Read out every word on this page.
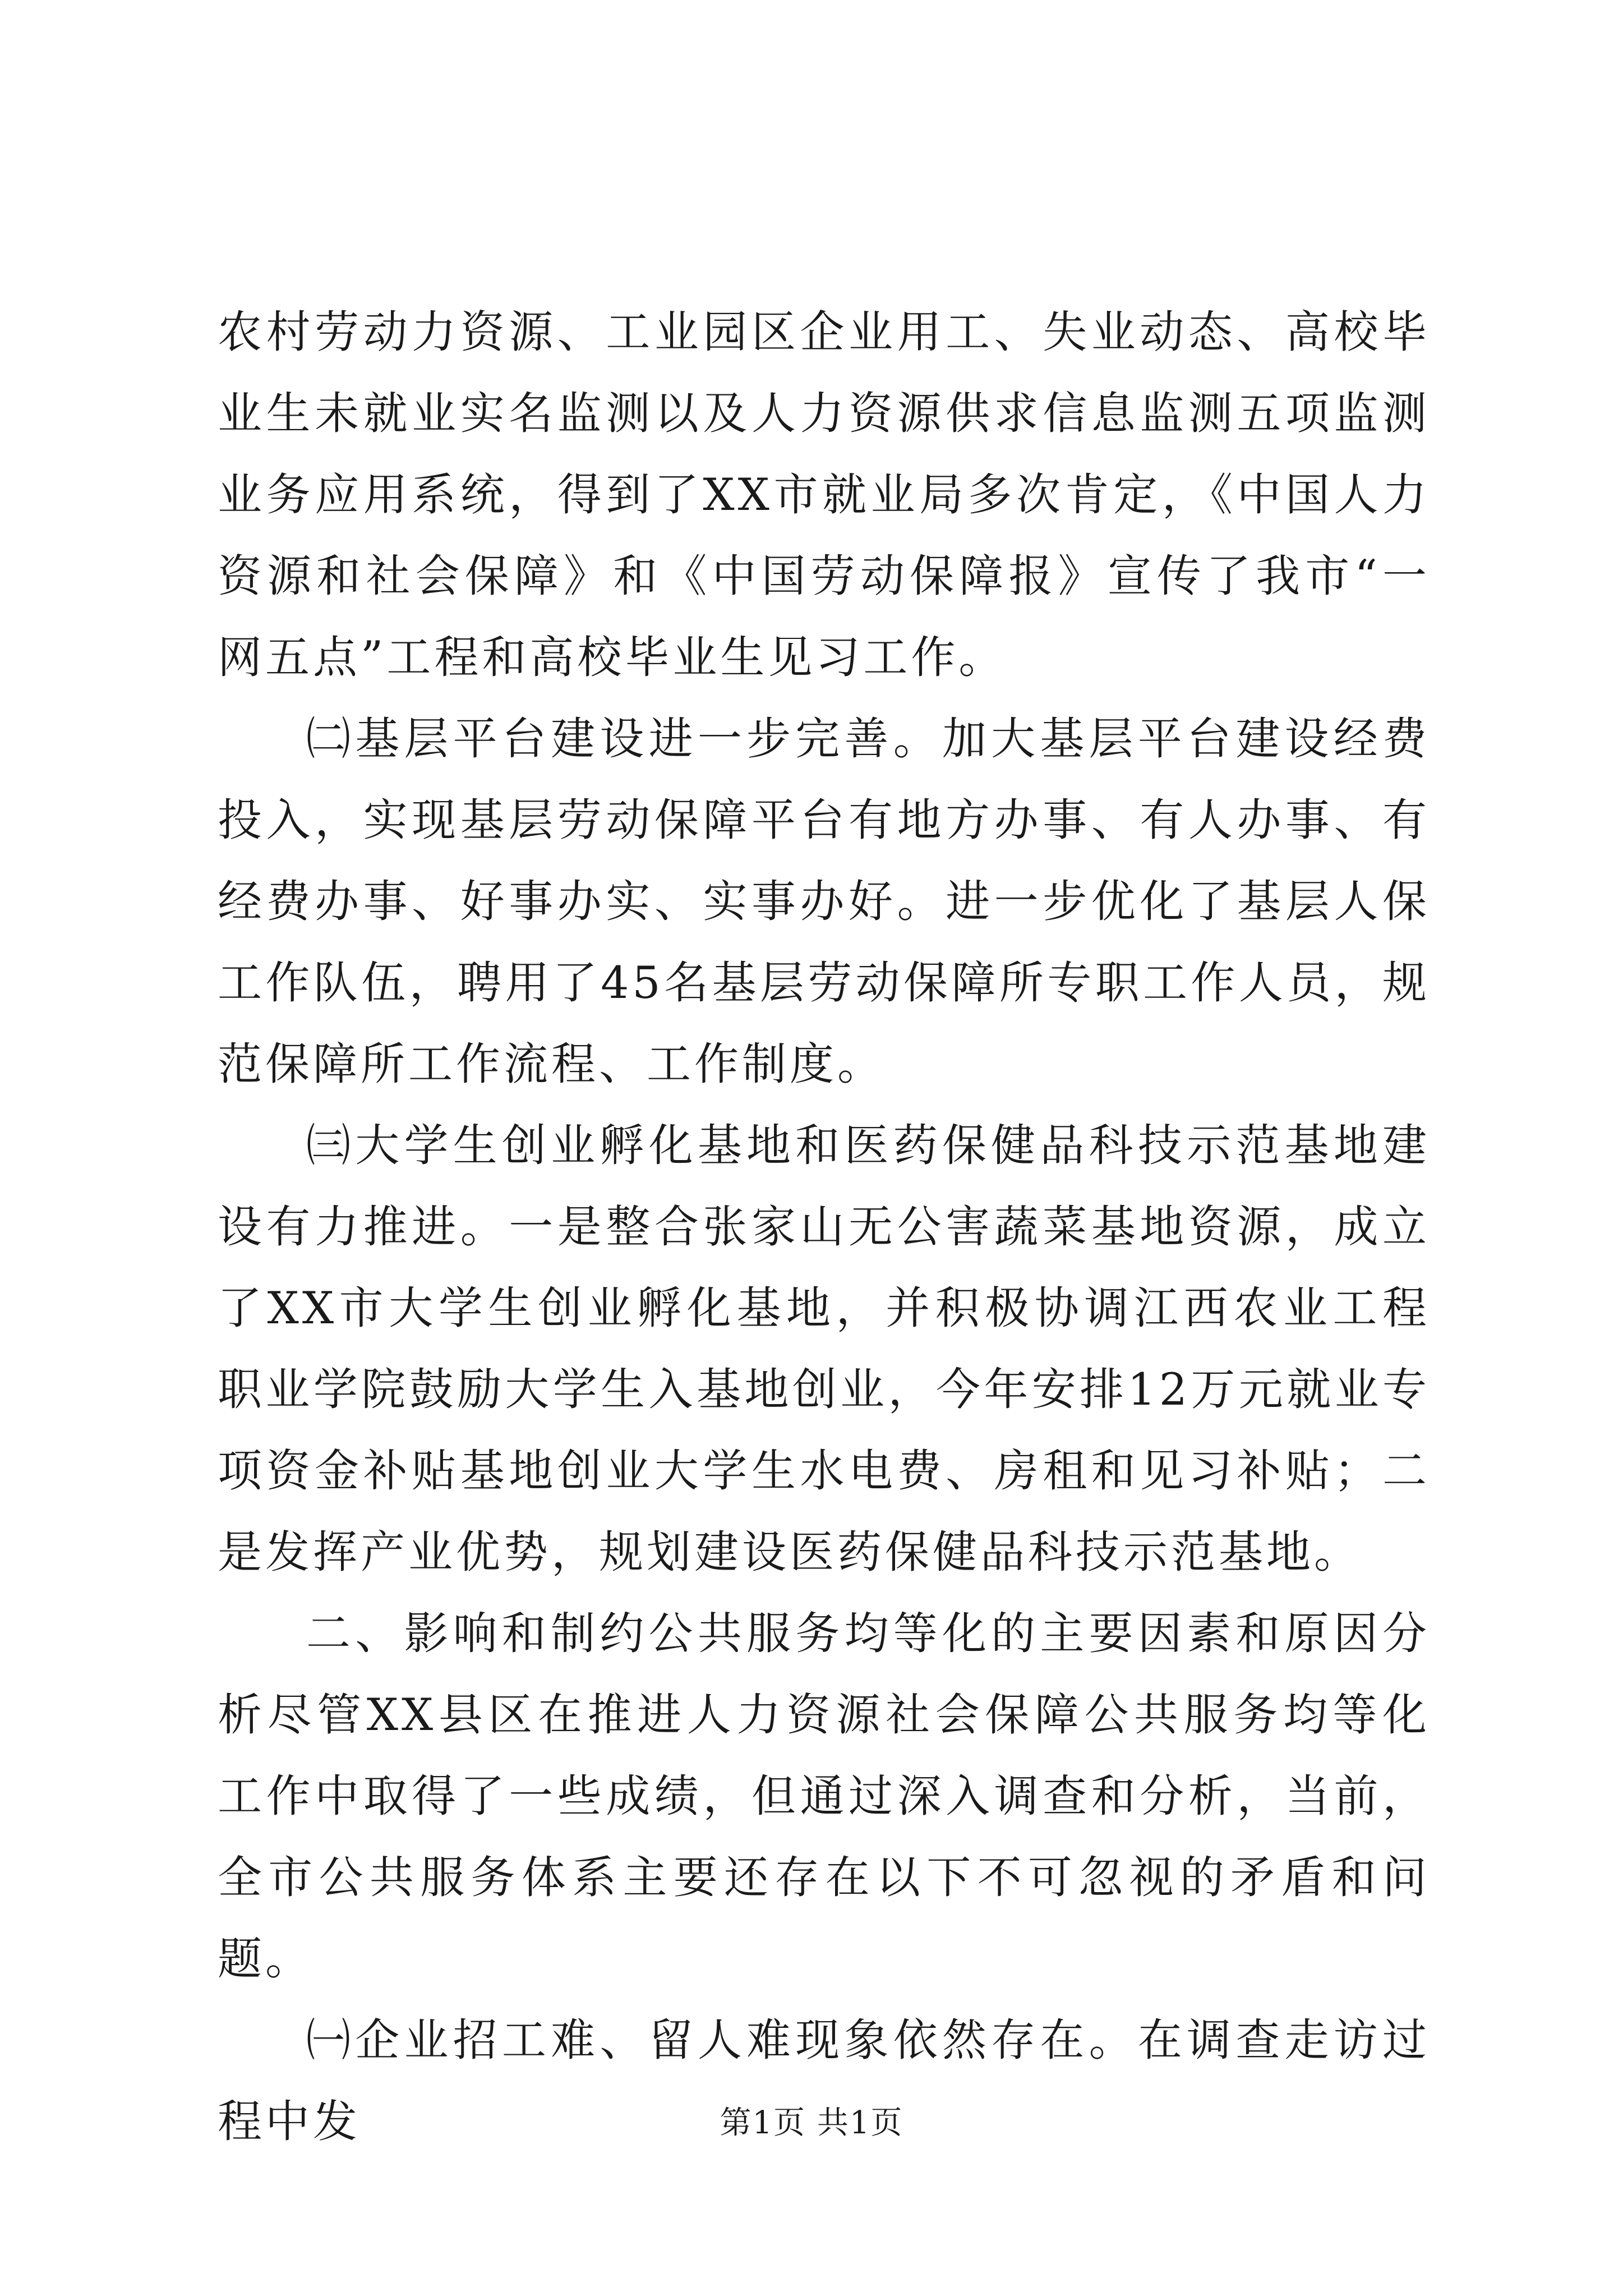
农村劳动力资源、工业园区企业用工、失业动态、高校毕业生未就业实名监测以及人力资源供求信息监测五项监测业务应用系统，得到了XX市就业局多次肯定，《中国人力资源和社会保障》和《中国劳动保障报》宣传了我市“一网五点”工程和高校毕业生见习工作。

㈡基层平台建设进一步完善。加大基层平台建设经费投入，实现基层劳动保障平台有地方办事、有人办事、有经费办事、好事办实、实事办好。进一步优化了基层人保工作队伍，聘用了45名基层劳动保障所专职工作人员，规范保障所工作流程、工作制度。

㈢大学生创业孵化基地和医药保健品科技示范基地建设有力推进。一是整合张家山无公害蔬菜基地资源，成立了XX市大学生创业孵化基地，并积极协调江西农业工程职业学院鼓励大学生入基地创业，今年安排12万元就业专项资金补贴基地创业大学生水电费、房租和见习补贴；二是发挥产业优势，规划建设医药保健品科技示范基地。

二、影响和制约公共服务均等化的主要因素和原因分析尽管XX县区在推进人力资源社会保障公共服务均等化工作中取得了一些成绩，但通过深入调查和分析，当前，全市公共服务体系主要还存在以下不可忽视的矛盾和问题。

㈠企业招工难、留人难现象依然存在。在调查走访过程中发	第1页 共1页
